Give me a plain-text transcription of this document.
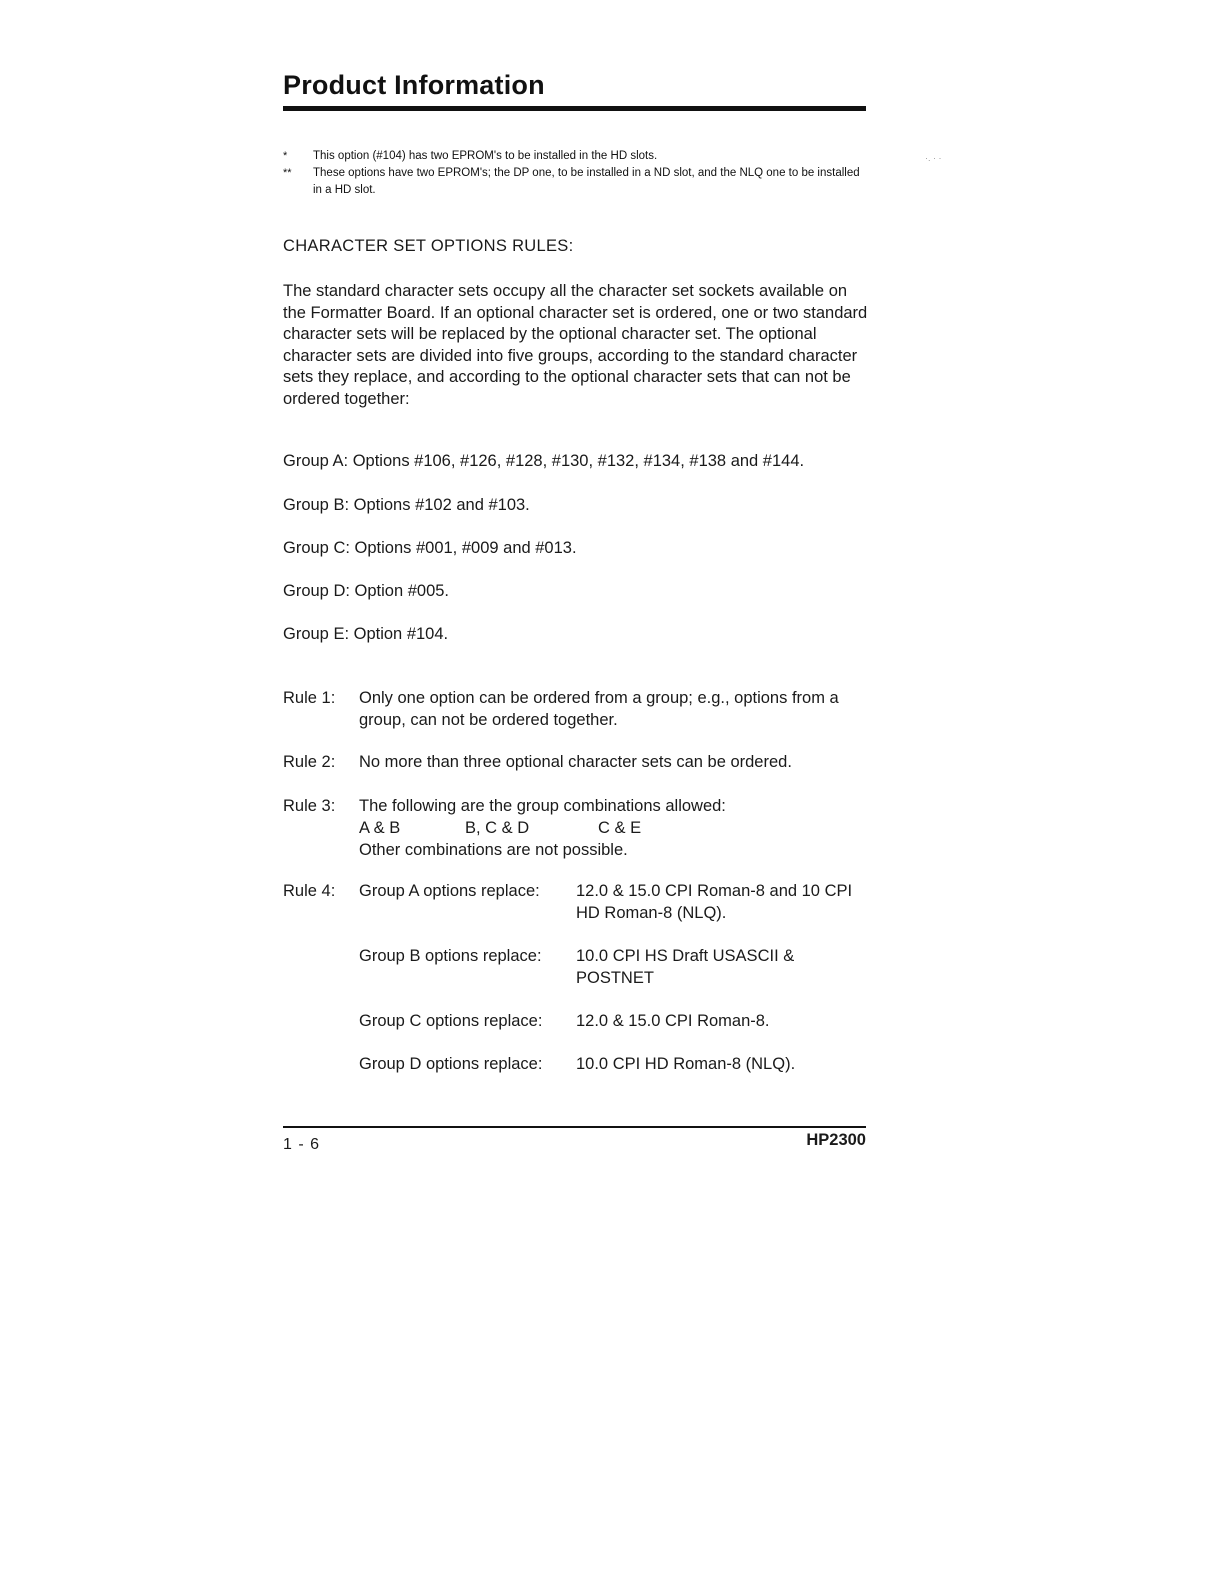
Product Information
·. · ·
* This option (#104) has two EPROM's to be installed in the HD slots.
** These options have two EPROM's; the DP one, to be installed in a ND slot, and the NLQ one to be installed in a HD slot.
CHARACTER SET OPTIONS RULES:
The standard character sets occupy all the character set sockets available on the Formatter Board. If an optional character set is ordered, one or two standard character sets will be replaced by the optional character set. The optional character sets are divided into five groups, according to the standard character sets they replace, and according to the optional character sets that can not be ordered together:
Group A: Options #106, #126, #128, #130, #132, #134, #138 and #144.
Group B: Options #102 and #103.
Group C: Options #001, #009 and #013.
Group D: Option #005.
Group E: Option #104.
Rule 1: Only one option can be ordered from a group; e.g., options from a group, can not be ordered together.
Rule 2: No more than three optional character sets can be ordered.
Rule 3: The following are the group combinations allowed:
A & B	B, C & D	C & E
Other combinations are not possible.
Rule 4: Group A options replace: 12.0 & 15.0 CPI Roman-8 and 10 CPI HD Roman-8 (NLQ).
Group B options replace: 10.0 CPI HS Draft USASCII & POSTNET
Group C options replace: 12.0 & 15.0 CPI Roman-8.
Group D options replace: 10.0 CPI HD Roman-8 (NLQ).
1 - 6	HP2300
